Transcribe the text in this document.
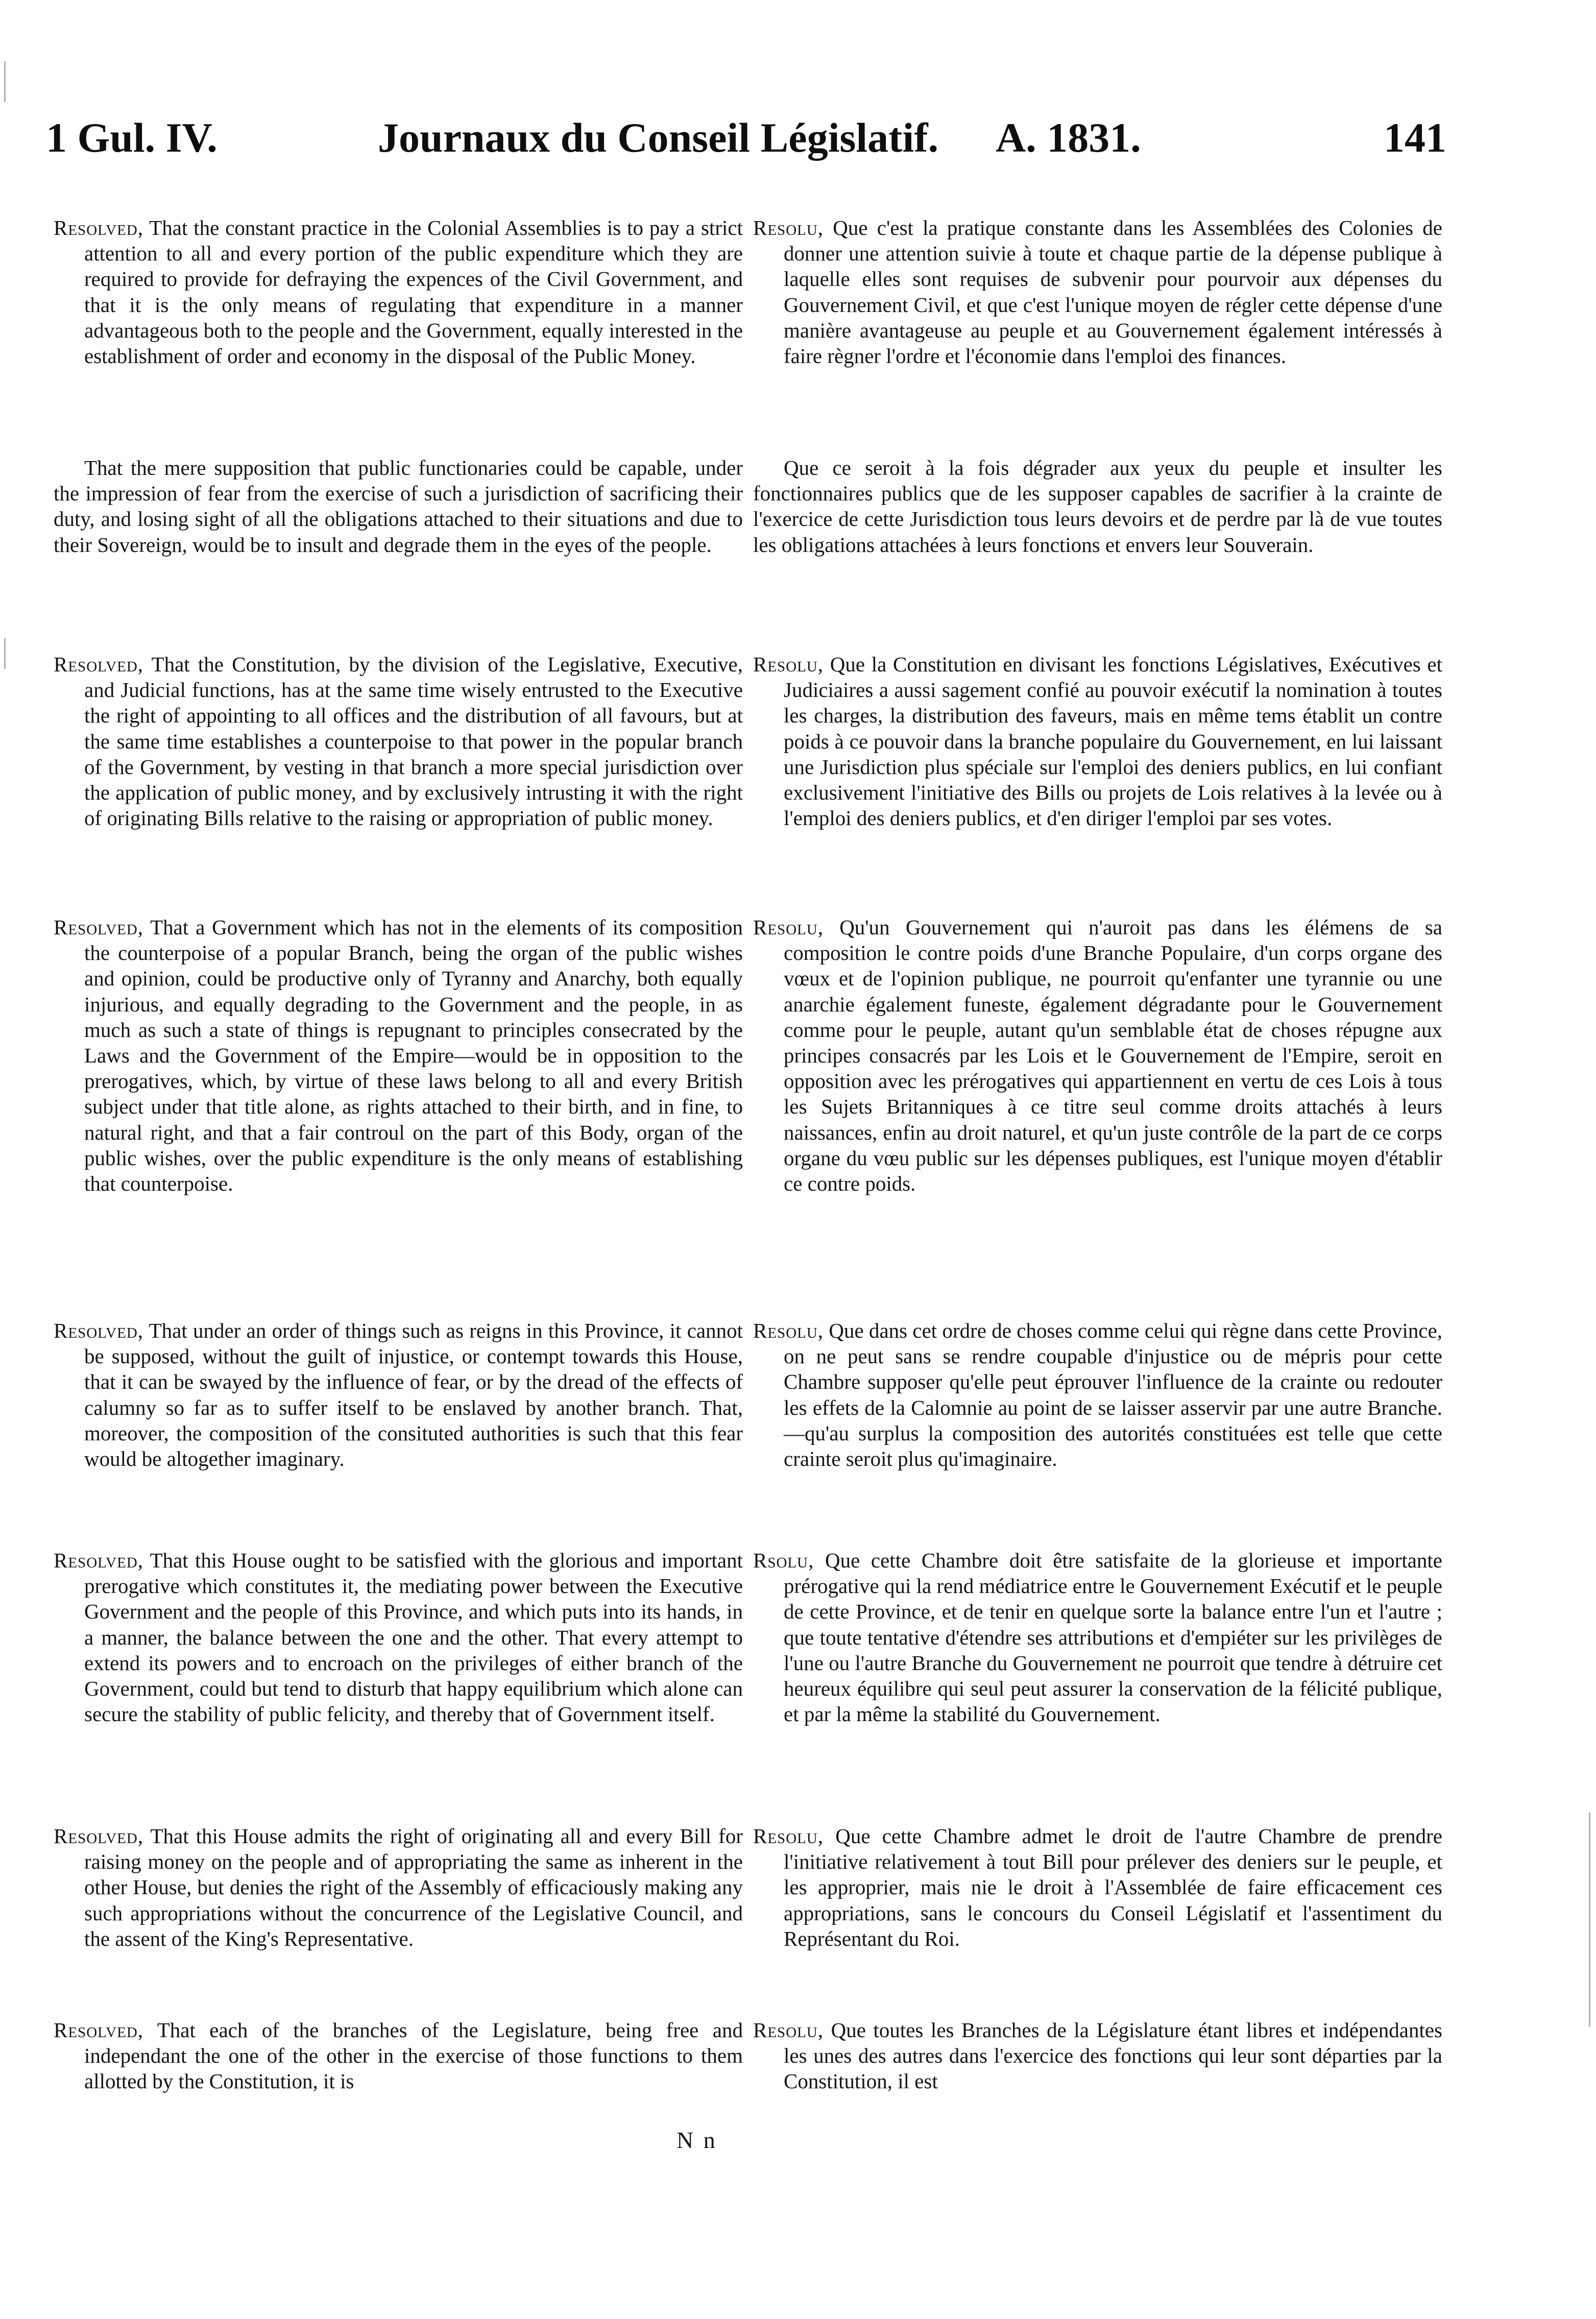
1 Gul. IV.	Journaux du Conseil Législatif. A. 1831.	141

Resolved, That the constant practice in the Colonial Assemblies is to pay a strict attention to all and every portion of the public expenditure which they are required to provide for defraying the expences of the Civil Government, and that it is the only means of regulating that expenditure in a manner advantageous both to the people and the Government, equally interested in the establishment of order and economy in the disposal of the Public Money.

That the mere supposition that public functionaries could be capable, under the impression of fear from the exercise of such a jurisdiction of sacrificing their duty, and losing sight of all the obligations attached to their situations and due to their Sovereign, would be to insult and degrade them in the eyes of the people.

Resolved, That the Constitution, by the division of the Legislative, Executive, and Judicial functions, has at the same time wisely entrusted to the Executive the right of appointing to all offices and the distribution of all favours, but at the same time establishes a counterpoise to that power in the popular branch of the Government, by vesting in that branch a more special jurisdiction over the application of public money, and by exclusively intrusting it with the right of originating Bills relative to the raising or appropriation of public money.

Resolved, That a Government which has not in the elements of its composition the counterpoise of a popular Branch, being the organ of the public wishes and opinion, could be productive only of Tyranny and Anarchy, both equally injurious, and equally degrading to the Government and the people, in as much as such a state of things is repugnant to principles consecrated by the Laws and the Government of the Empire—would be in opposition to the prerogatives, which, by virtue of these laws belong to all and every British subject under that title alone, as rights attached to their birth, and in fine, to natural right, and that a fair controul on the part of this Body, organ of the public wishes, over the public expenditure is the only means of establishing that counterpoise.

Resolved, That under an order of things such as reigns in this Province, it cannot be supposed, without the guilt of injustice, or contempt towards this House, that it can be swayed by the influence of fear, or by the dread of the effects of calumny so far as to suffer itself to be enslaved by another branch. That, moreover, the composition of the consituted authorities is such that this fear would be altogether imaginary.

Resolved, That this House ought to be satisfied with the glorious and important prerogative which constitutes it, the mediating power between the Executive Government and the people of this Province, and which puts into its hands, in a manner, the balance between the one and the other. That every attempt to extend its powers and to encroach on the privileges of either branch of the Government, could but tend to disturb that happy equilibrium which alone can secure the stability of public felicity, and thereby that of Government itself.

Resolved, That this House admits the right of originating all and every Bill for raising money on the people and of appropriating the same as inherent in the other House, but denies the right of the Assembly of efficaciously making any such appropriations without the concurrence of the Legislative Council, and the assent of the King's Representative.

Resolved, That each of the branches of the Legislature, being free and independant the one of the other in the exercise of those functions to them allotted by the Constitution, it is

Resolu, Que c'est la pratique constante dans les Assemblées des Colonies de donner une attention suivie à toute et chaque partie de la dépense publique à laquelle elles sont requises de subvenir pour pourvoir aux dépenses du Gouvernement Civil, et que c'est l'unique moyen de régler cette dépense d'une manière avantageuse au peuple et au Gouvernement également intéressés à faire règner l'ordre et l'économie dans l'emploi des finances.

Que ce seroit à la fois dégrader aux yeux du peuple et insulter les fonctionnaires publics que de les supposer capables de sacrifier à la crainte de l'exercice de cette Jurisdiction tous leurs devoirs et de perdre par là de vue toutes les obligations attachées à leurs fonctions et envers leur Souverain.

Resolu, Que la Constitution en divisant les fonctions Législatives, Exécutives et Judiciaires a aussi sagement confié au pouvoir exécutif la nomination à toutes les charges, la distribution des faveurs, mais en même tems établit un contre poids à ce pouvoir dans la branche populaire du Gouvernement, en lui laissant une Jurisdiction plus spéciale sur l'emploi des deniers publics, en lui confiant exclusivement l'initiative des Bills ou projets de Lois relatives à la levée ou à l'emploi des deniers publics, et d'en diriger l'emploi par ses votes.

Resolu, Qu'un Gouvernement qui n'auroit pas dans les élémens de sa composition le contre poids d'une Branche Populaire, d'un corps organe des vœux et de l'opinion publique, ne pourroit qu'enfanter une tyrannie ou une anarchie également funeste, également dégradante pour le Gouvernement comme pour le peuple, autant qu'un semblable état de choses répugne aux principes consacrés par les Lois et le Gouvernement de l'Empire, seroit en opposition avec les prérogatives qui appartiennent en vertu de ces Lois à tous les Sujets Britanniques à ce titre seul comme droits attachés à leurs naissances, enfin au droit naturel, et qu'un juste contrôle de la part de ce corps organe du vœu public sur les dépenses publiques, est l'unique moyen d'établir ce contre poids.

Resolu, Que dans cet ordre de choses comme celui qui règne dans cette Province, on ne peut sans se rendre coupable d'injustice ou de mépris pour cette Chambre supposer qu'elle peut éprouver l'influence de la crainte ou redouter les effets de la Calomnie au point de se laisser asservir par une autre Branche.—qu'au surplus la composition des autorités constituées est telle que cette crainte seroit plus qu'imaginaire.

Rsolu, Que cette Chambre doit être satisfaite de la glorieuse et importante prérogative qui la rend médiatrice entre le Gouvernement Exécutif et le peuple de cette Province, et de tenir en quelque sorte la balance entre l'un et l'autre ; que toute tentative d'étendre ses attributions et d'empiéter sur les privilèges de l'une ou l'autre Branche du Gouvernement ne pourroit que tendre à détruire cet heureux équilibre qui seul peut assurer la conservation de la félicité publique, et par la même la stabilité du Gouvernement.

Resolu, Que cette Chambre admet le droit de l'autre Chambre de prendre l'initiative relativement à tout Bill pour prélever des deniers sur le peuple, et les approprier, mais nie le droit à l'Assemblée de faire efficacement ces appropriations, sans le concours du Conseil Législatif et l'assentiment du Représentant du Roi.

Resolu, Que toutes les Branches de la Législature étant libres et indépendantes les unes des autres dans l'exercice des fonctions qui leur sont départies par la Constitution, il est

N n
